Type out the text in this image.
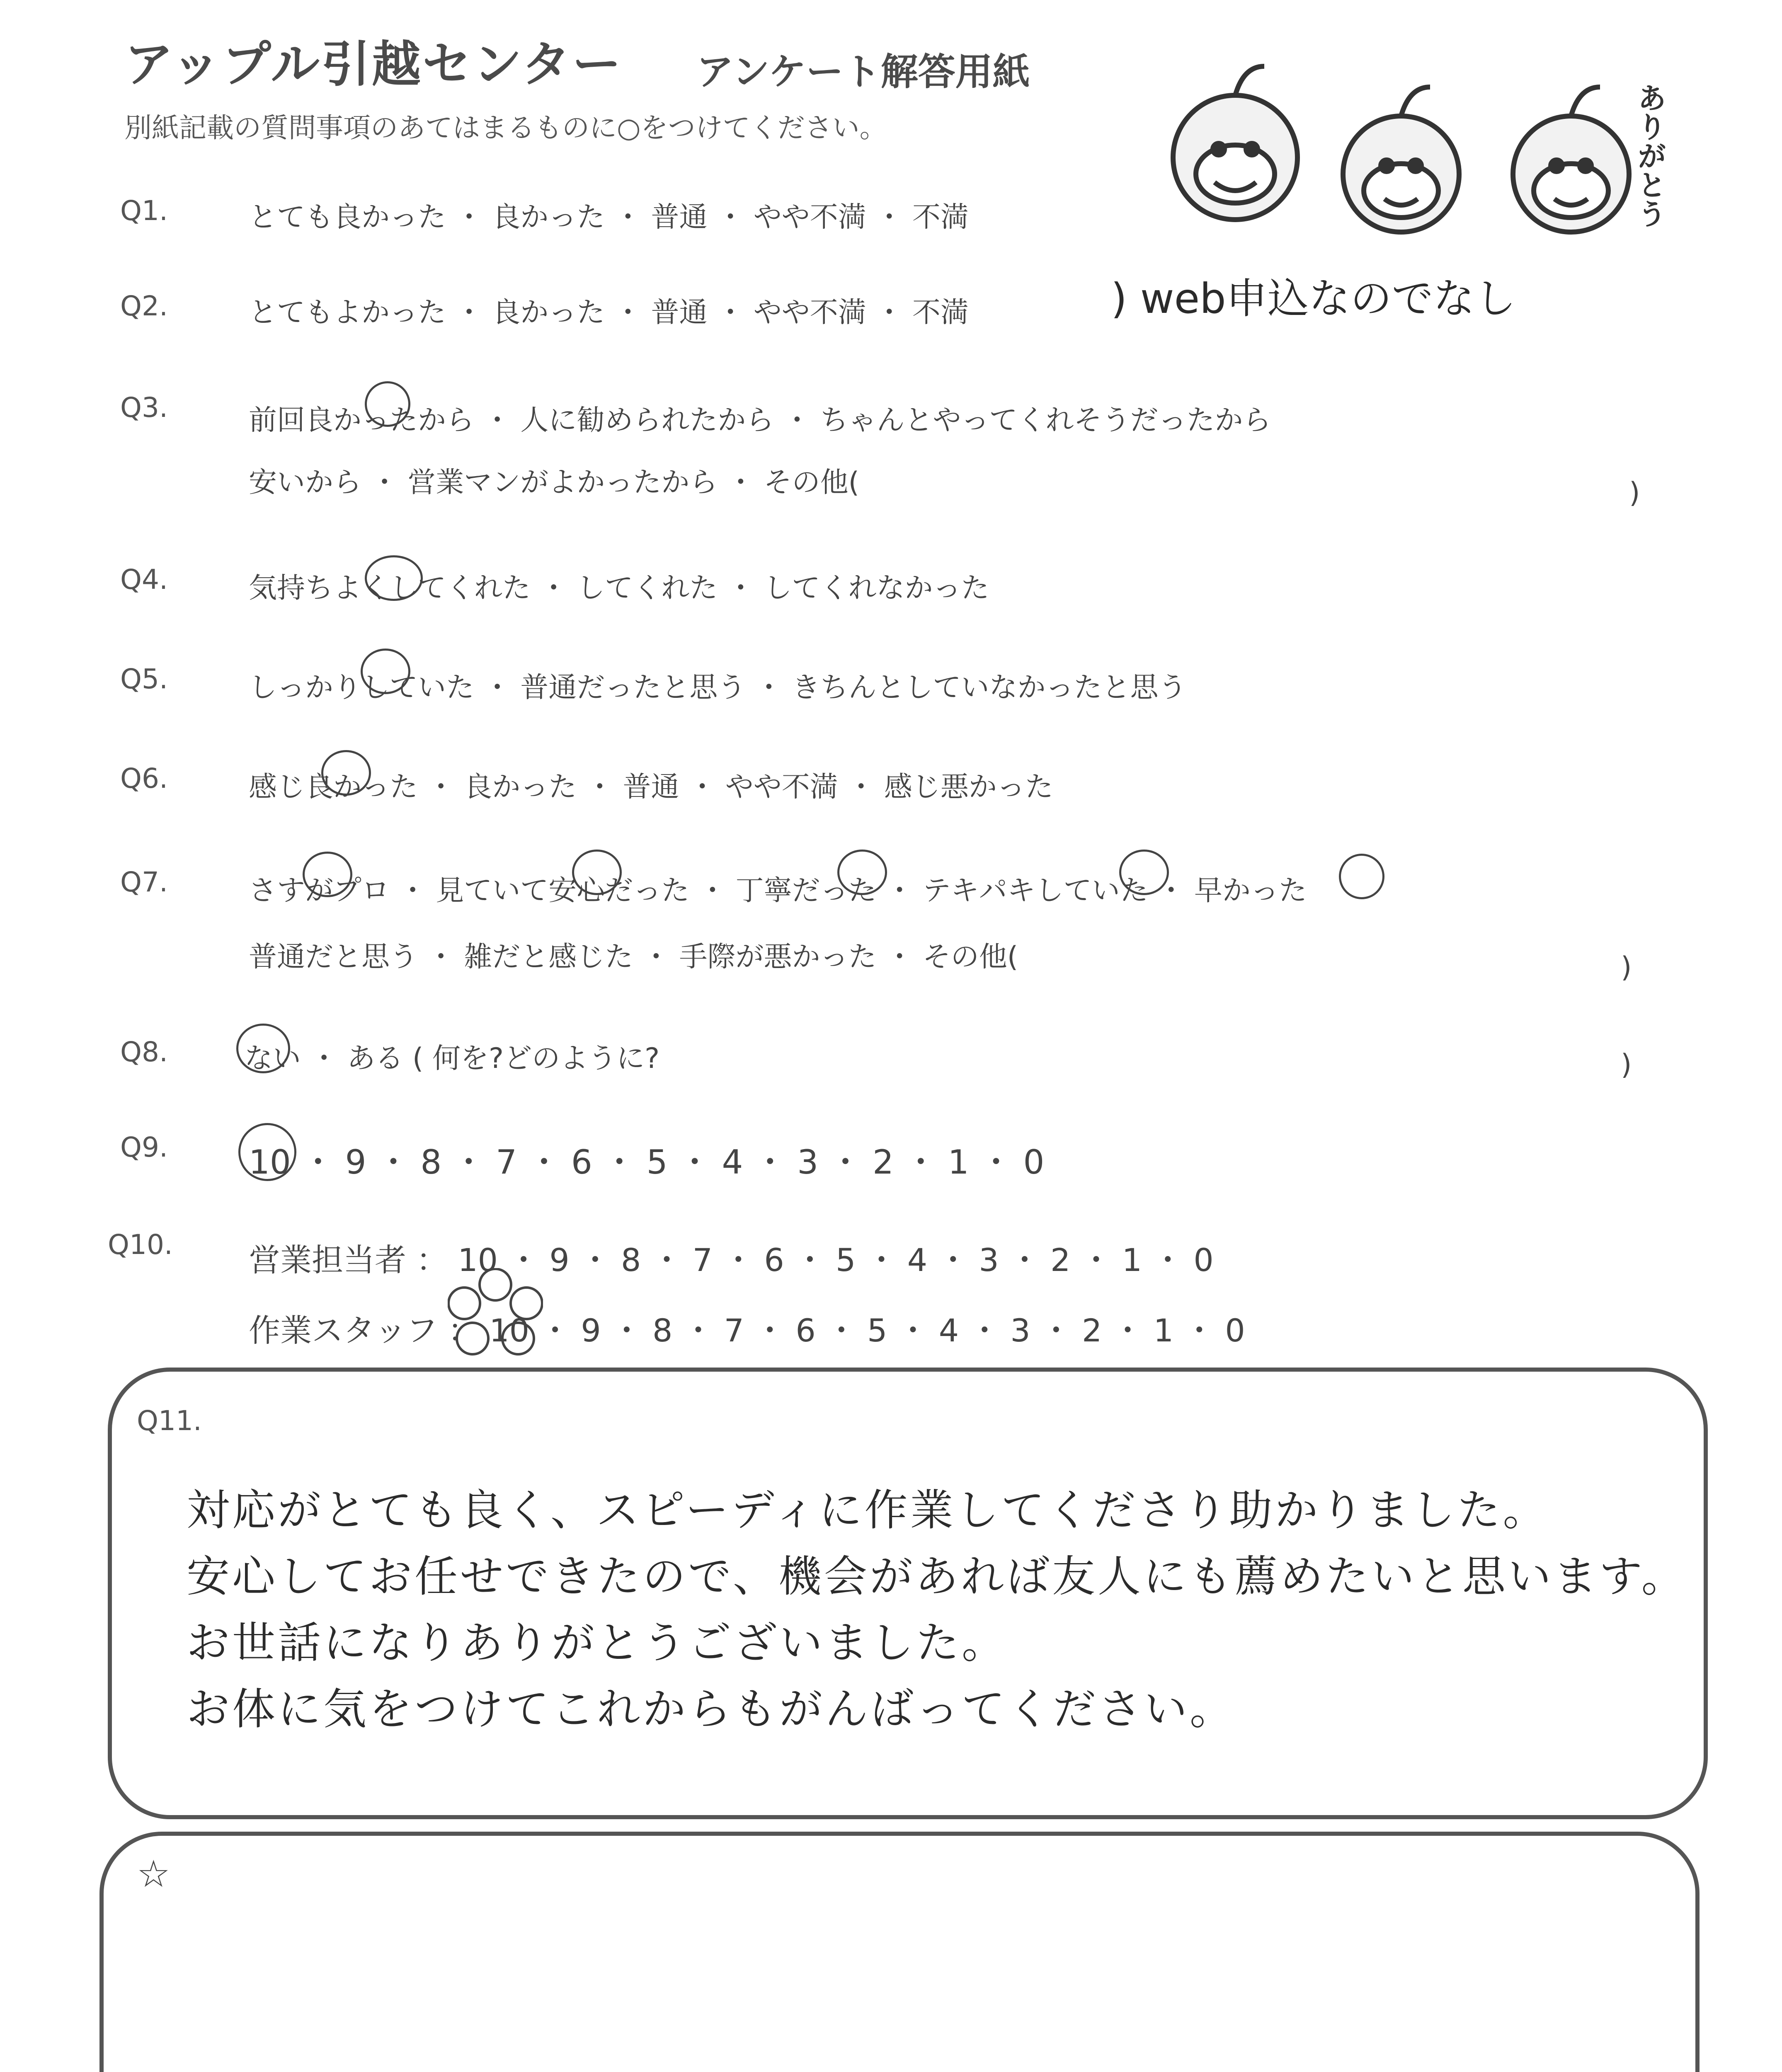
アップル引越センター アンケート解答用紙
別紙記載の質問事項のあてはまるものに○をつけてください。	ありがとう
Q1.	とても良かった ・ 良かった ・ 普通 ・ やや不満 ・ 不満
Q2.	とてもよかった ・ 良かった ・ 普通 ・ やや不満 ・ 不満	) web申込なのでなし
Q3.	前回良かったから ・ 人に勧められたから ・ ちゃんとやってくれそうだったから
安いから ・ 営業マンがよかったから ・ その他(	)
Q4.	気持ちよくしてくれた ・ してくれた ・ してくれなかった
Q5.	しっかりしていた ・ 普通だったと思う ・ きちんとしていなかったと思う
Q6.	感じ良かった ・ 良かった ・ 普通 ・ やや不満 ・ 感じ悪かった
Q7.	さすがプロ ・ 見ていて安心だった ・ 丁寧だった ・ テキパキしていた ・ 早かった
普通だと思う ・ 雑だと感じた ・ 手際が悪かった ・ その他(	)
Q8.	ない ・ ある ( 何を?どのように?	)
Q9. 10 ・ 9 ・ 8 ・ 7 ・ 6 ・ 5 ・ 4 ・ 3 ・ 2 ・ 1 ・ 0
Q10. 営業担当者 ： 10 ・ 9 ・ 8 ・ 7 ・ 6 ・ 5 ・ 4 ・ 3 ・ 2 ・ 1 ・ 0
作業スタッフ ： 10 ・ 9 ・ 8 ・ 7 ・ 6 ・ 5 ・ 4 ・ 3 ・ 2 ・ 1 ・ 0
Q11.
対応がとても良く、スピーディに作業してくださり助かりました。
安心してお任せできたので、機会があれば友人にも薦めたいと思います。
お世話になりありがとうございました。
お体に気をつけてこれからもがんばってください。
☆
